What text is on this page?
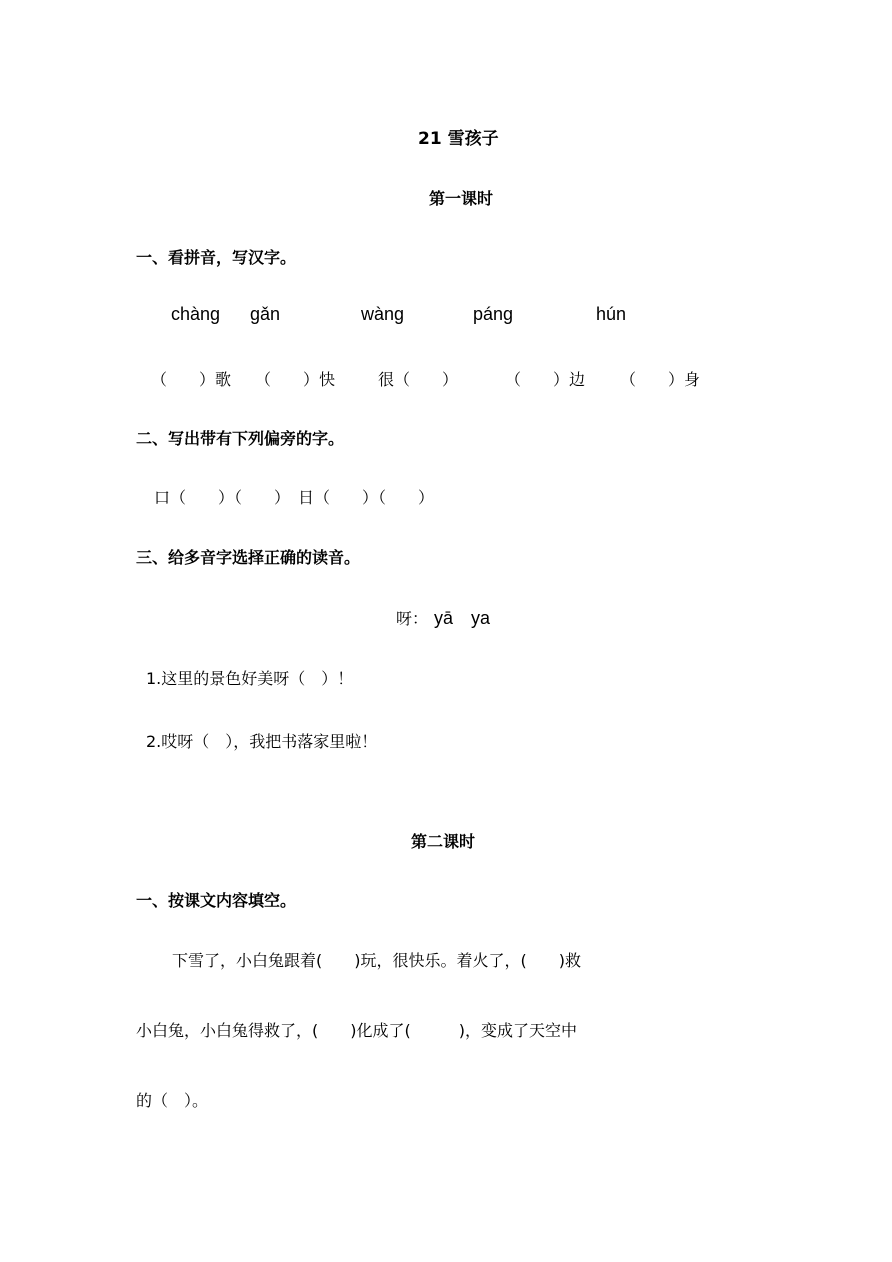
21 雪孩子
第一课时
一、看拼音，写汉字。
chàng gǎn	wàng	páng	hún
（　　）歌 （　　）快	很（　　）	（　　）边 （　　）身
二、写出带有下列偏旁的字。
口（　　）（　　）　日（　　）（　　）
三、给多音字选择正确的读音。
呀： yā　ya
1.这里的景色好美呀（　）！
2.哎呀（　），我把书落家里啦！
第二课时
一、按课文内容填空。
下雪了，小白兔跟着(　　)玩，很快乐。着火了，(　　)救
小白兔，小白兔得救了，(　　)化成了(　　　)，变成了天空中
的（　）。
